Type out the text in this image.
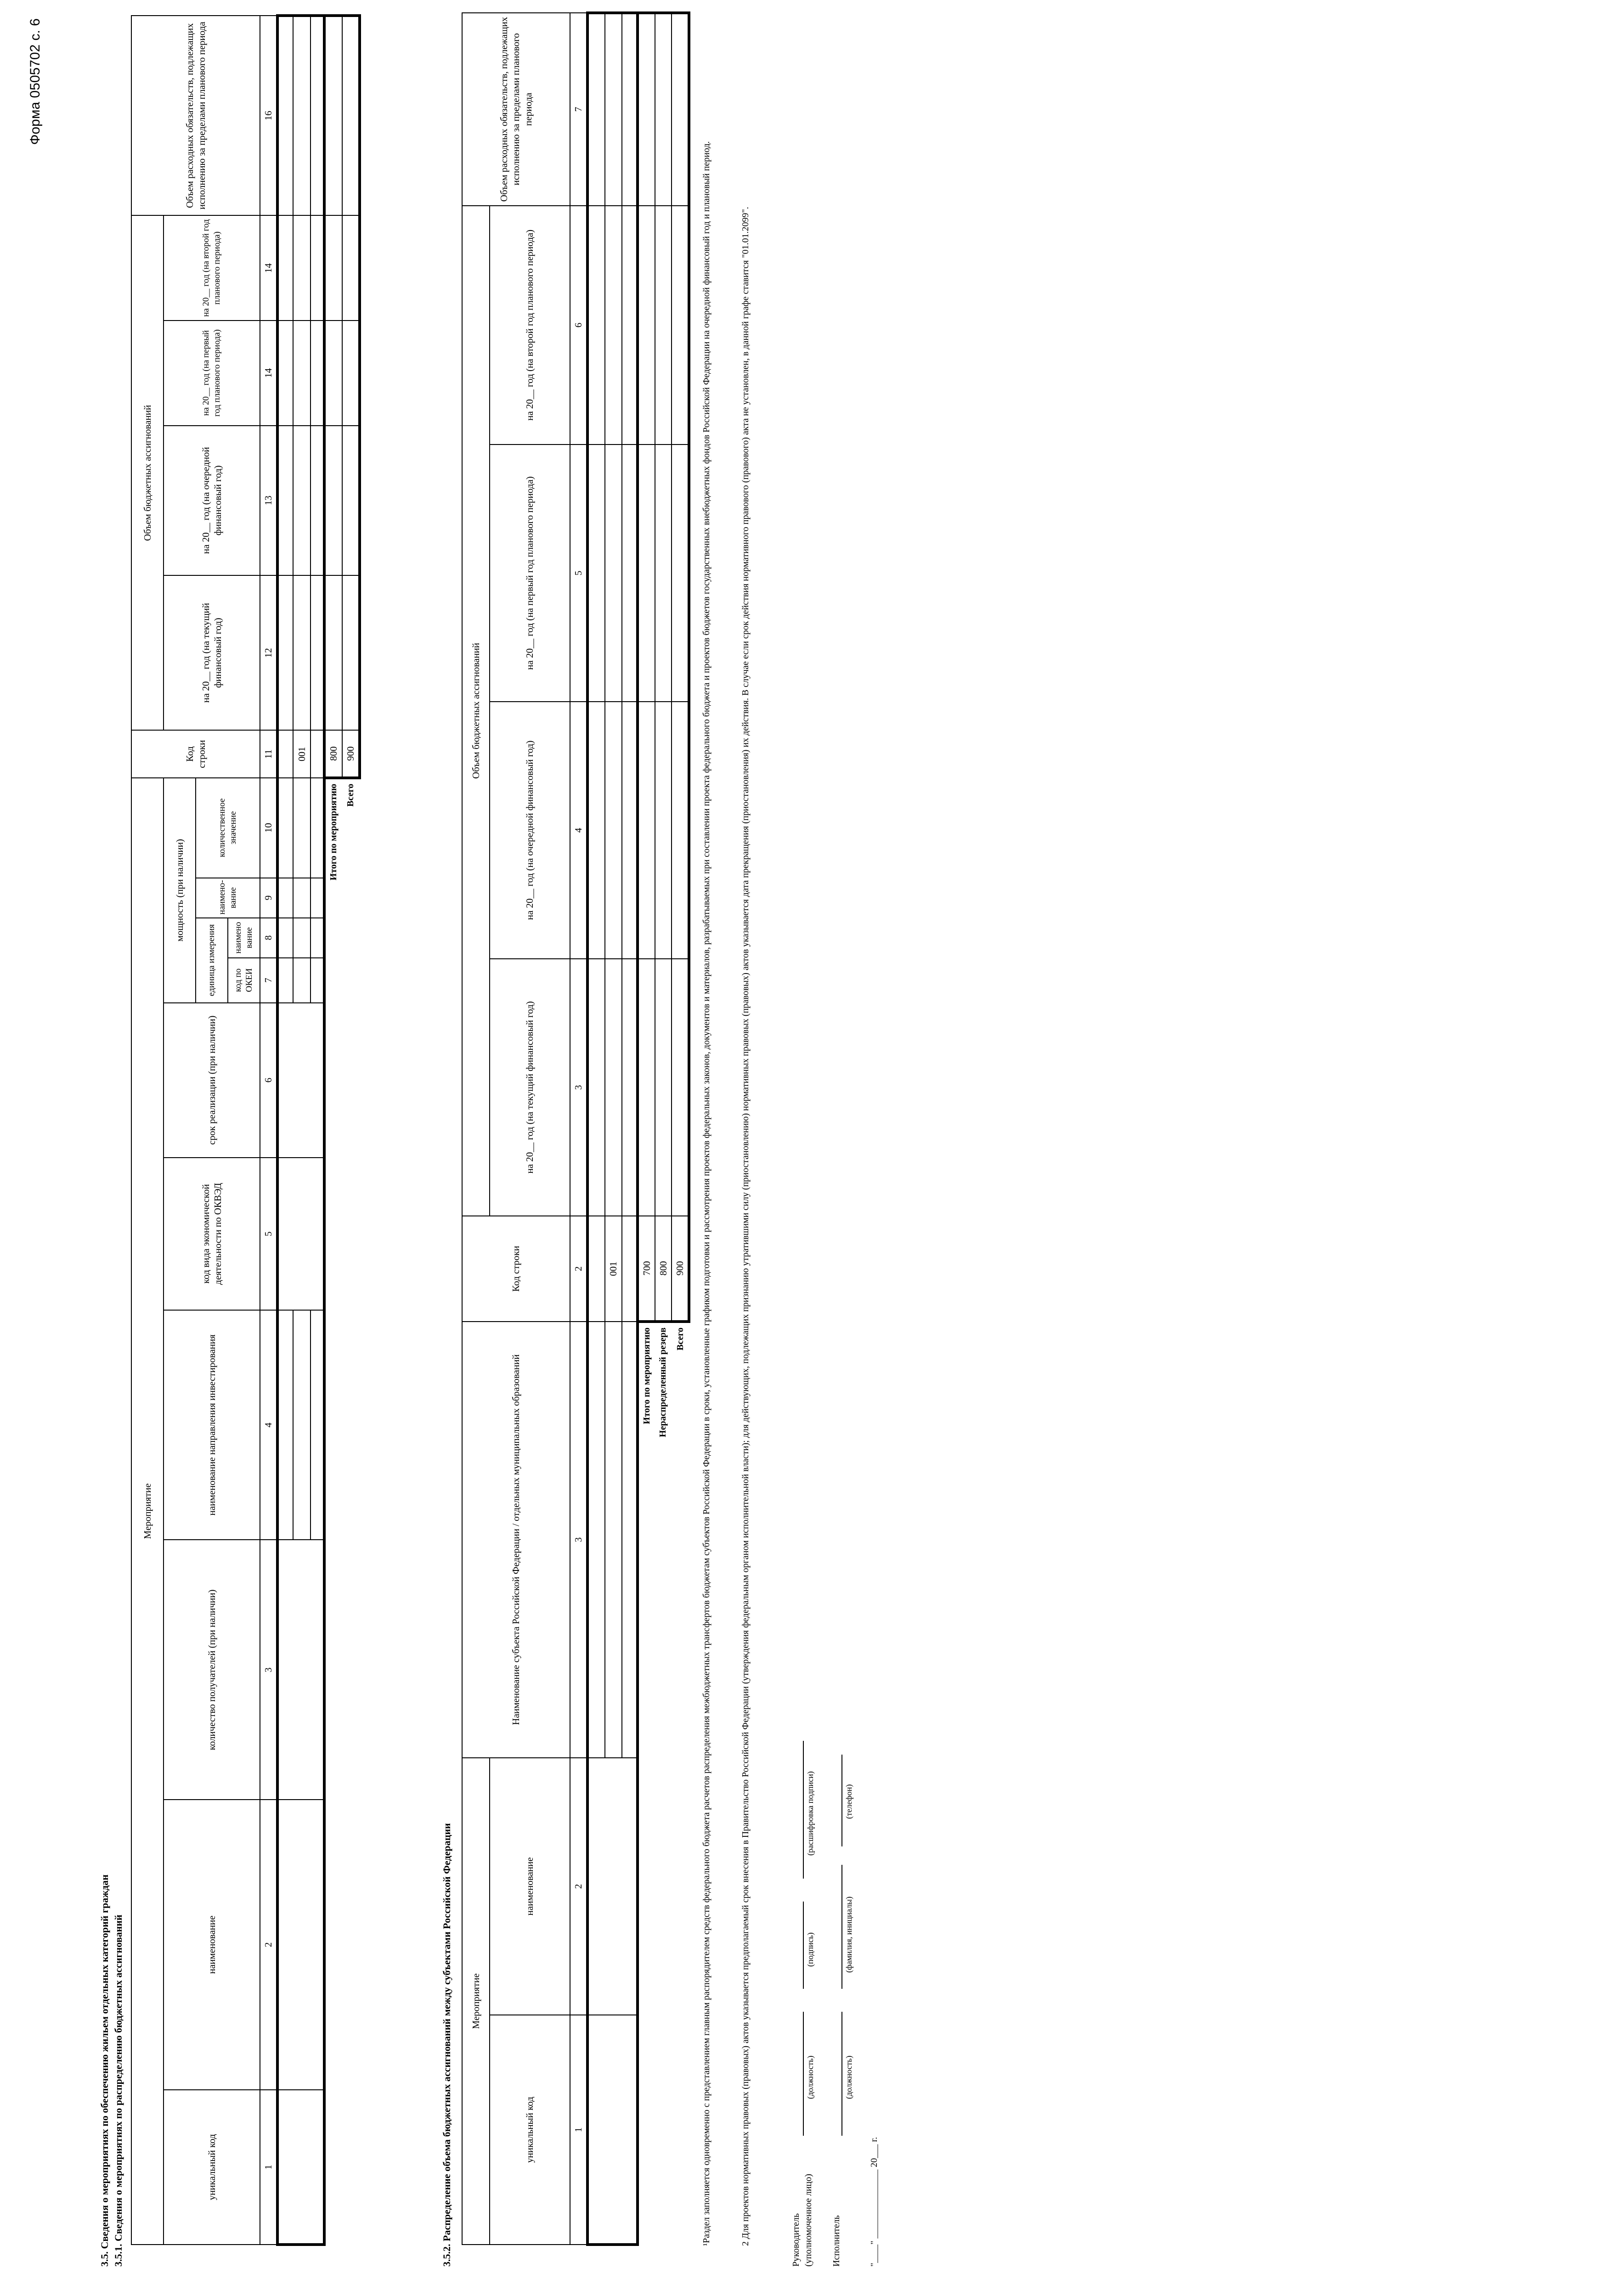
Форма 0505702 с. 6
3.5. Сведения о мероприятиях по обеспечению жильем отдельных категорий граждан 3.5.1. Сведения о мероприятиях по распределению бюджетных ассигнований
Мероприятие										Код строки	Объем бюджетных ассигнований				Объем расходных обязательств, подлежащих исполнению за пределами планового периода
уникальный код	наименование	количество получателей (при наличии)	наименование направления инвестирования	код вида экономической деятельности по ОКВЭД	срок реализации (при наличии)	мощность (при наличии)					на 20__ год (на текущий финансовый год)	на 20__ год (на очередной финансовый год)	на 20__ год (на первый год планового периода)	на 20__ год (на второй год планового периода)	
						единица измерения		наимено- вание	количественное значение						
						код по ОКЕИ	наимено вание								
1	2	3	4	5	6	7	8	9	10	11	12	13	14	14	16

										001					

Итого по мероприятию										800					
Всего										900					
3.5.2. Распределение объема бюджетных ассигнований между субъектами Российской Федерации Мероприятие		Наименование субъекта Российской Федерации / отдельных муниципальных образований	Код строки	Объем бюджетных ассигнований				Объем расходных обязательств, подлежащих исполнению за пределами планового периода
уникальный код	наименование			на 20__ год (на текущий финансовый год)	на 20__ год (на очередной финансовый год)	на 20__ год (на первый год планового периода)	на 20__ год (на второй год планового периода)	
1	2	3	2	3	4	5	6	7

			001					

Итого по мероприятию			700					
Нераспределенный резерв			800					
Всего			900					¹Раздел заполняется одновременно с представлением главным распорядителем средств федерального бюджета расчетов распределения межбюджетных трансфертов бюджетам субъектов Российской Федерации в сроки, установленные графиком подготовки и рассмотрения проектов федеральных законов, документов и материалов, разрабатываемых при составлении проекта федерального бюджета и проектов бюджетов государственных внебюджетных фондов Российской Федерации на очередной финансовый год и плановый период.	2 Для проектов нормативных правовых (правовых) актов указывается предполагаемый срок внесения в Правительство Российской Федерации (утверждения федеральным органом исполнительной власти); для действующих, подлежащих признанию утратившими силу (приостановлению) нормативных правовых (правовых) актов указывается дата прекращения (приостановления) их действия. В случае если срок действия нормативного правового (правового) акта не установлен, в данной графе ставится "01.01.2099".	Руководитель (уполномоченное лицо)
(должность)
(подпись)
(расшифровка подписи)
Исполнитель
(должность)
(фамилия, инициалы)
(телефон)
"____" _______________ 20___ г.
